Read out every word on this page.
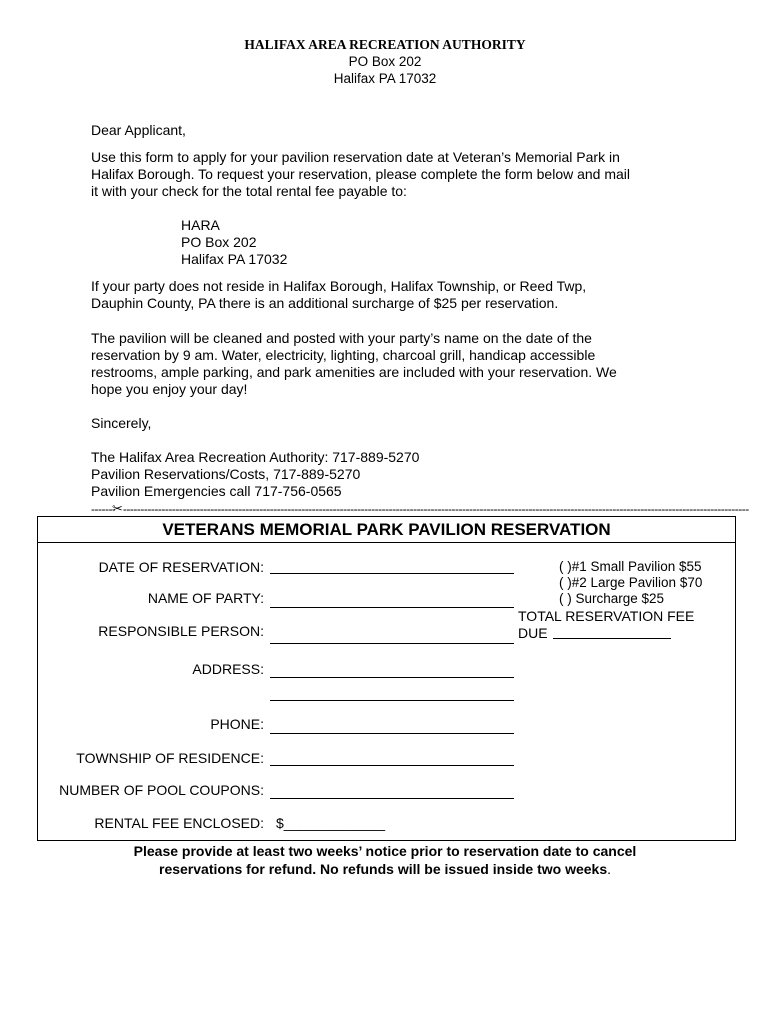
HALIFAX AREA RECREATION AUTHORITY
PO Box 202
Halifax PA 17032
Dear Applicant,
Use this form to apply for your pavilion reservation date at Veteran’s Memorial Park in
Halifax Borough. To request your reservation, please complete the form below and mail
it with your check for the total rental fee payable to:
HARA
PO Box 202
Halifax PA 17032
If your party does not reside in Halifax Borough, Halifax Township, or Reed Twp,
Dauphin County, PA there is an additional surcharge of $25 per reservation.
The pavilion will be cleaned and posted with your party’s name on the date of the
reservation by 9 am. Water, electricity, lighting, charcoal grill, handicap accessible
restrooms, ample parking, and park amenities are included with your reservation. We
hope you enjoy your day!
Sincerely,
The Halifax Area Recreation Authority: 717-889-5270
Pavilion Reservations/Costs, 717-889-5270
Pavilion Emergencies call 717-756-0565
------✂-----------------------------------------------------------------------------------------------------------------------------------------------------------------------------------
VETERANS MEMORIAL PARK PAVILION RESERVATION
DATE OF RESERVATION:
NAME OF PARTY:
RESPONSIBLE PERSON:
ADDRESS:
PHONE:
TOWNSHIP OF RESIDENCE:
NUMBER OF POOL COUPONS:
RENTAL FEE ENCLOSED: $_____________
( )#1 Small Pavilion $55
( )#2 Large Pavilion $70
( ) Surcharge $25
TOTAL RESERVATION FEE
DUE
Please provide at least two weeks’ notice prior to reservation date to cancel
reservations for refund. No refunds will be issued inside two weeks.
